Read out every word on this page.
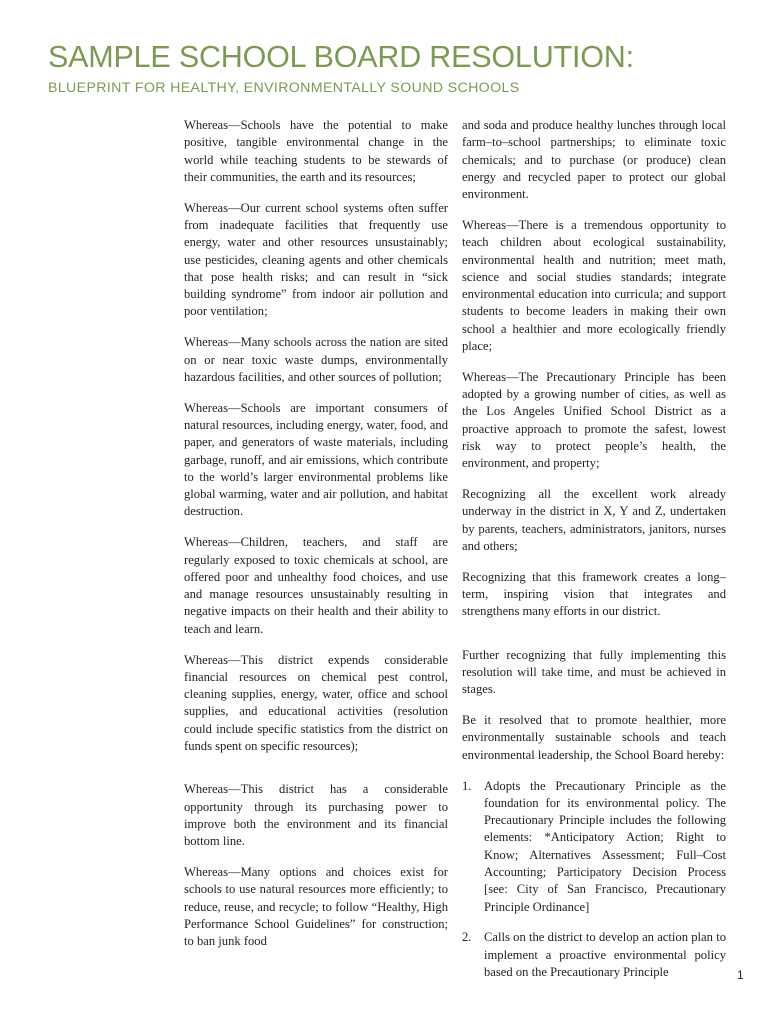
SAMPLE SCHOOL BOARD RESOLUTION:
BLUEPRINT FOR HEALTHY, ENVIRONMENTALLY SOUND SCHOOLS

Whereas—Schools have the potential to make positive, tangible environmental change in the world while teaching students to be stewards of their communities, the earth and its resources;

Whereas—Our current school systems often suffer from inadequate facilities that frequently use energy, water and other resources unsustainably; use pesticides, cleaning agents and other chemicals that pose health risks; and can result in “sick building syndrome” from indoor air pollution and poor ventilation;

Whereas—Many schools across the nation are sited on or near toxic waste dumps, environmentally hazardous facilities, and other sources of pollution;

Whereas—Schools are important consumers of natural resources, including energy, water, food, and paper, and generators of waste materials, including garbage, runoff, and air emissions, which contribute to the world’s larger environmental problems like global warming, water and air pollution, and habitat destruction.

Whereas—Children, teachers, and staff are regularly exposed to toxic chemicals at school, are offered poor and unhealthy food choices, and use and manage resources unsustainably resulting in negative impacts on their health and their ability to teach and learn.

Whereas—This district expends considerable financial resources on chemical pest control, cleaning supplies, energy, water, office and school supplies, and educational activities (resolution could include specific statistics from the district on funds spent on specific resources);

Whereas—This district has a considerable opportunity through its purchasing power to improve both the environment and its financial bottom line.

Whereas—Many options and choices exist for schools to use natural resources more efficiently; to reduce, reuse, and recycle; to follow “Healthy, High Performance School Guidelines” for construction; to ban junk food

and soda and produce healthy lunches through local farm–to–school partnerships; to eliminate toxic chemicals; and to purchase (or produce) clean energy and recycled paper to protect our global environment.

Whereas—There is a tremendous opportunity to teach children about ecological sustainability, environmental health and nutrition; meet math, science and social studies standards; integrate environmental education into curricula; and support students to become leaders in making their own school a healthier and more ecologically friendly place;

Whereas—The Precautionary Principle has been adopted by a growing number of cities, as well as the Los Angeles Unified School District as a proactive approach to promote the safest, lowest risk way to protect people’s health, the environment, and property;

Recognizing all the excellent work already underway in the district in X, Y and Z, undertaken by parents, teachers, administrators, janitors, nurses and others;

Recognizing that this framework creates a long–term, inspiring vision that integrates and strengthens many efforts in our district.

Further recognizing that fully implementing this resolution will take time, and must be achieved in stages.

Be it resolved that to promote healthier, more environmentally sustainable schools and teach environmental leadership, the School Board hereby:

1. Adopts the Precautionary Principle as the foundation for its environmental policy. The Precautionary Principle includes the following elements: *Anticipatory Action; Right to Know; Alternatives Assessment; Full–Cost Accounting; Participatory Decision Process [see: City of San Francisco, Precautionary Principle Ordinance]
2. Calls on the district to develop an action plan to implement a proactive environmental policy based on the Precautionary Principle	1
